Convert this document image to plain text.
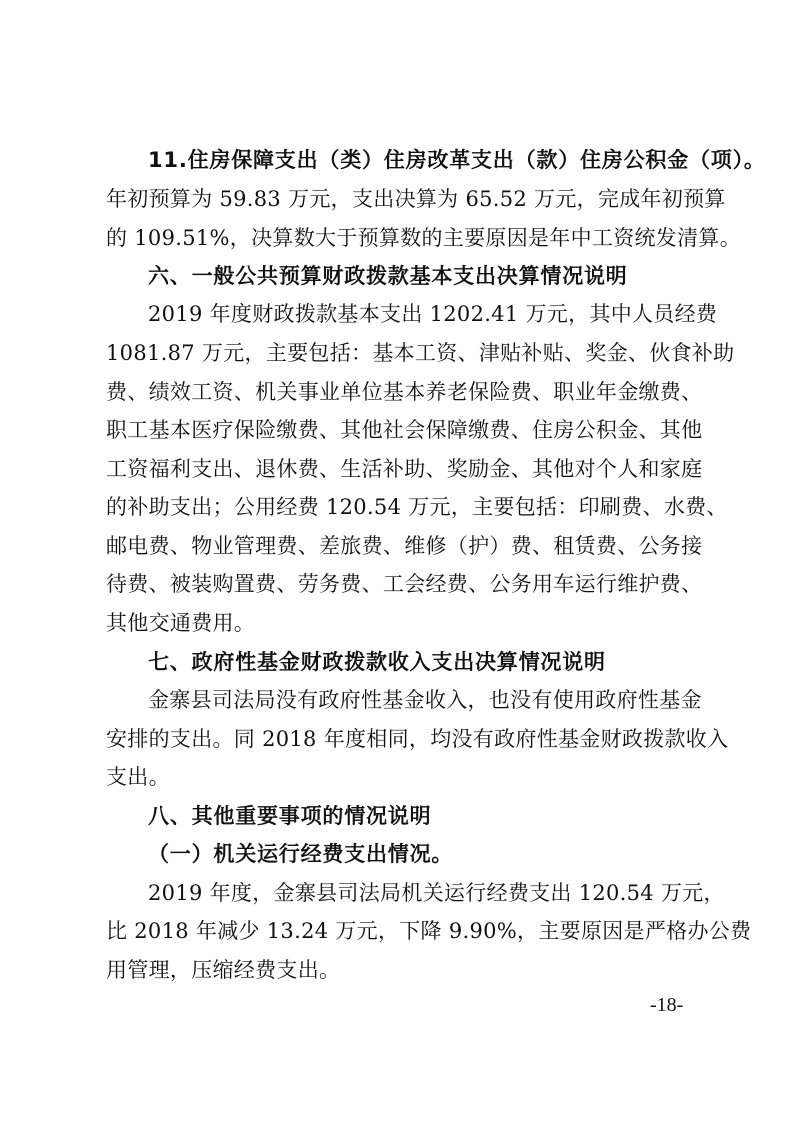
11.住房保障支出（类）住房改革支出（款）住房公积金（项）。
年初预算为 59.83 万元，支出决算为 65.52 万元，完成年初预算
的 109.51%，决算数大于预算数的主要原因是年中工资统发清算。
六、一般公共预算财政拨款基本支出决算情况说明
2019 年度财政拨款基本支出 1202.41 万元，其中人员经费
1081.87 万元，主要包括：基本工资、津贴补贴、奖金、伙食补助
费、绩效工资、机关事业单位基本养老保险费、职业年金缴费、
职工基本医疗保险缴费、其他社会保障缴费、住房公积金、其他
工资福利支出、退休费、生活补助、奖励金、其他对个人和家庭
的补助支出；公用经费 120.54 万元，主要包括：印刷费、水费、
邮电费、物业管理费、差旅费、维修（护）费、租赁费、公务接
待费、被装购置费、劳务费、工会经费、公务用车运行维护费、
其他交通费用。
七、政府性基金财政拨款收入支出决算情况说明
金寨县司法局没有政府性基金收入，也没有使用政府性基金
安排的支出。同 2018 年度相同，均没有政府性基金财政拨款收入
支出。
八、其他重要事项的情况说明
（一）机关运行经费支出情况。
2019 年度，金寨县司法局机关运行经费支出 120.54 万元，
比 2018 年减少 13.24 万元，下降 9.90%，主要原因是严格办公费
用管理，压缩经费支出。
-18-
